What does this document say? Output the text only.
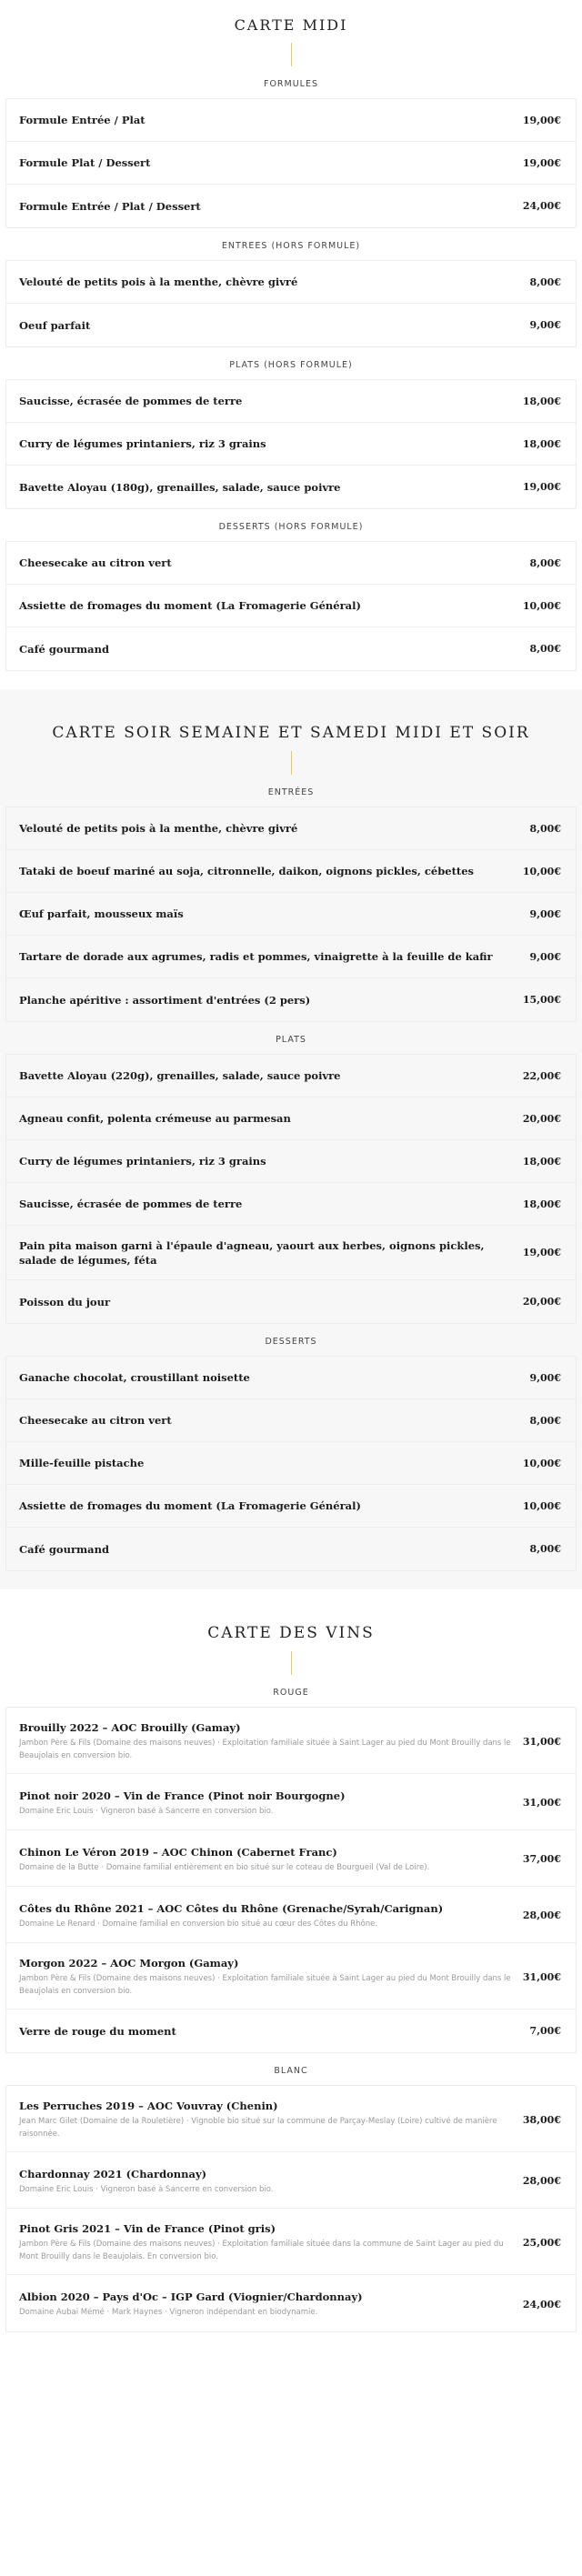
CARTE MIDI
FORMULES
Formule Entrée / Plat	19,00€
Formule Plat / Dessert	19,00€
Formule Entrée / Plat / Dessert	24,00€
ENTREES (HORS FORMULE)
Velouté de petits pois à la menthe, chèvre givré	8,00€
Oeuf parfait	9,00€
PLATS (HORS FORMULE)
Saucisse, écrasée de pommes de terre	18,00€
Curry de légumes printaniers, riz 3 grains	18,00€
Bavette Aloyau (180g), grenailles, salade, sauce poivre	19,00€
DESSERTS (HORS FORMULE)
Cheesecake au citron vert	8,00€
Assiette de fromages du moment (La Fromagerie Général)	10,00€
Café gourmand	8,00€
CARTE SOIR SEMAINE ET SAMEDI MIDI ET SOIR
ENTRÉES
Velouté de petits pois à la menthe, chèvre givré	8,00€
Tataki de boeuf mariné au soja, citronnelle, daikon, oignons pickles, cébettes	10,00€
Œuf parfait, mousseux maïs	9,00€
Tartare de dorade aux agrumes, radis et pommes, vinaigrette à la feuille de kafir	9,00€
Planche apéritive : assortiment d'entrées (2 pers)	15,00€
PLATS
Bavette Aloyau (220g), grenailles, salade, sauce poivre	22,00€
Agneau confit, polenta crémeuse au parmesan	20,00€
Curry de légumes printaniers, riz 3 grains	18,00€
Saucisse, écrasée de pommes de terre	18,00€
Pain pita maison garni à l'épaule d'agneau, yaourt aux herbes, oignons pickles, salade de légumes, féta
19,00€
Poisson du jour	20,00€
DESSERTS
Ganache chocolat, croustillant noisette	9,00€
Cheesecake au citron vert	8,00€
Mille-feuille pistache	10,00€
Assiette de fromages du moment (La Fromagerie Général)	10,00€
Café gourmand	8,00€
CARTE DES VINS
ROUGE
Brouilly 2022 – AOC Brouilly (Gamay)
Jambon Père & Fils (Domaine des maisons neuves) · Exploitation familiale située à Saint Lager au pied du Mont Brouilly dans le Beaujolais en conversion bio.
31,00€
Pinot noir 2020 – Vin de France (Pinot noir Bourgogne)
Domaine Eric Louis · Vigneron basé à Sancerre en conversion bio.
31,00€
Chinon Le Véron 2019 – AOC Chinon (Cabernet Franc)
Domaine de la Butte · Domaine familial entièrement en bio situé sur le coteau de Bourgueil (Val de Loire).
37,00€
Côtes du Rhône 2021 – AOC Côtes du Rhône (Grenache/Syrah/Carignan)
Domaine Le Renard · Domaine familial en conversion bio situé au cœur des Côtes du Rhône.
28,00€
Morgon 2022 – AOC Morgon (Gamay)
Jambon Père & Fils (Domaine des maisons neuves) · Exploitation familiale située à Saint Lager au pied du Mont Brouilly dans le Beaujolais en conversion bio.
31,00€
Verre de rouge du moment	7,00€
BLANC
Les Perruches 2019 – AOC Vouvray (Chenin)
Jean Marc Gilet (Domaine de la Rouletière) · Vignoble bio situé sur la commune de Parçay-Meslay (Loire) cultivé de manière raisonnée.
38,00€
Chardonnay 2021 (Chardonnay)
Domaine Eric Louis · Vigneron basé à Sancerre en conversion bio.
28,00€
Pinot Gris 2021 – Vin de France (Pinot gris)
Jambon Père & Fils (Domaine des maisons neuves) · Exploitation familiale située dans la commune de Saint Lager au pied du Mont Brouilly dans le Beaujolais. En conversion bio.
25,00€
Albion 2020 – Pays d'Oc – IGP Gard (Viognier/Chardonnay)
Domaine Aubai Mémé · Mark Haynes · Vigneron indépendant en biodynamie.
24,00€
